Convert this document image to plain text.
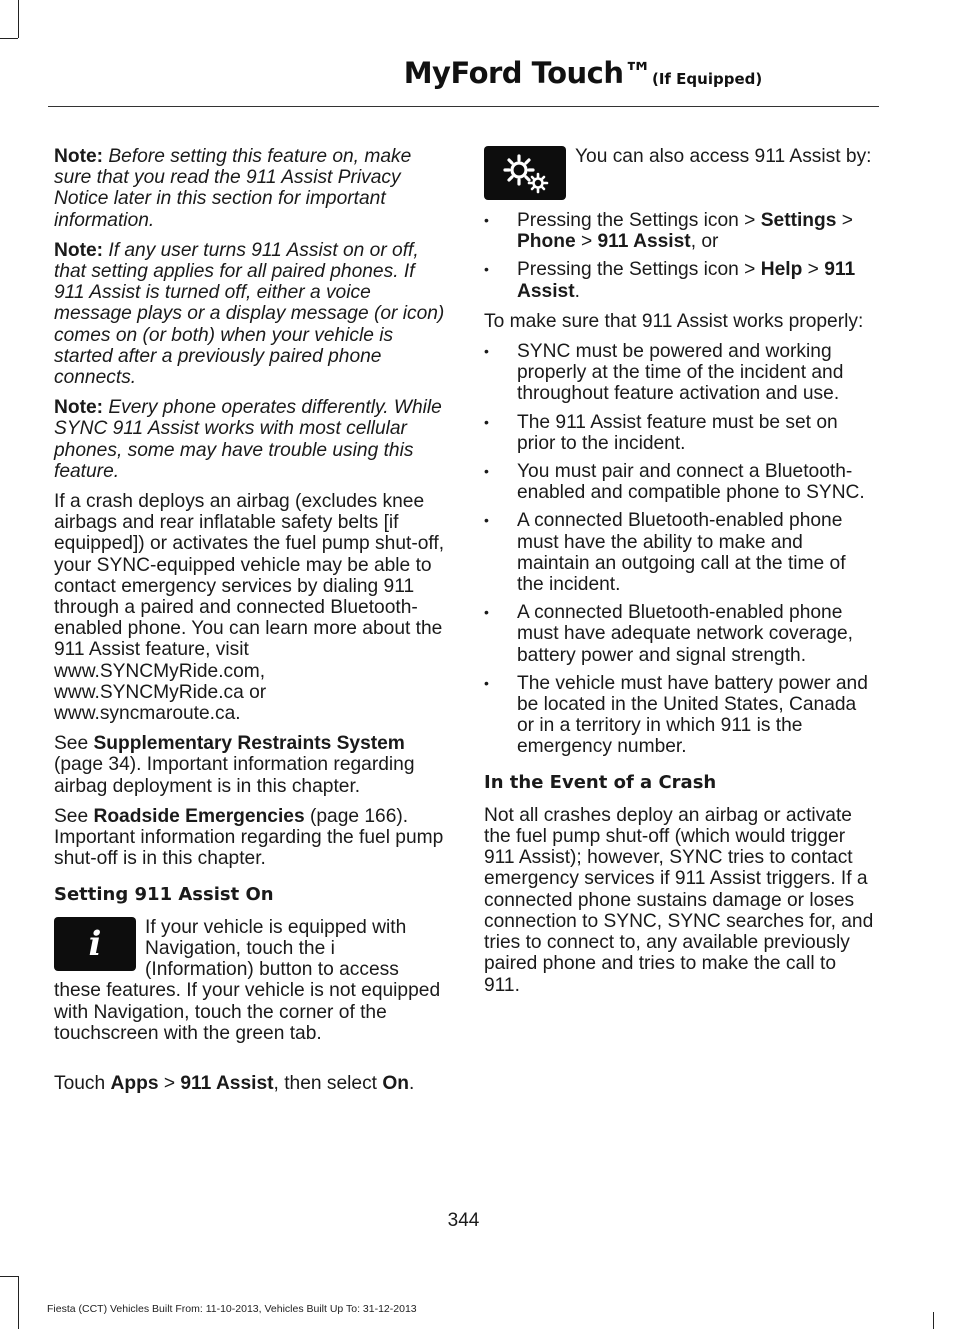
MyFord Touch™ (If Equipped)

Note: Before setting this feature on, make sure that you read the 911 Assist Privacy Notice later in this section for important information.

Note: If any user turns 911 Assist on or off, that setting applies for all paired phones. If 911 Assist is turned off, either a voice message plays or a display message (or icon) comes on (or both) when your vehicle is started after a previously paired phone connects.

Note: Every phone operates differently. While SYNC 911 Assist works with most cellular phones, some may have trouble using this feature.

If a crash deploys an airbag (excludes knee airbags and rear inflatable safety belts [if equipped]) or activates the fuel pump shut-off, your SYNC-equipped vehicle may be able to contact emergency services by dialing 911 through a paired and connected Bluetooth-enabled phone. You can learn more about the 911 Assist feature, visit www.SYNCMyRide.com, www.SYNCMyRide.ca or www.syncmaroute.ca.

See Supplementary Restraints System (page 34). Important information regarding airbag deployment is in this chapter.

See Roadside Emergencies (page 166). Important information regarding the fuel pump shut-off is in this chapter.

Setting 911 Assist On
i	If your vehicle is equipped with Navigation, touch the i (Information) button to access these features. If your vehicle is not equipped with Navigation, touch the corner of the touchscreen with the green tab.

Touch Apps > 911 Assist, then select On.

You can also access 911 Assist by:

• Pressing the Settings icon > Settings > Phone > 911 Assist, or
• Pressing the Settings icon > Help > 911 Assist.

To make sure that 911 Assist works properly:

• SYNC must be powered and working properly at the time of the incident and throughout feature activation and use.
• The 911 Assist feature must be set on prior to the incident.
• You must pair and connect a Bluetooth-enabled and compatible phone to SYNC.
• A connected Bluetooth-enabled phone must have the ability to make and maintain an outgoing call at the time of the incident.
• A connected Bluetooth-enabled phone must have adequate network coverage, battery power and signal strength.
• The vehicle must have battery power and be located in the United States, Canada or in a territory in which 911 is the emergency number.
In the Event of a Crash

Not all crashes deploy an airbag or activate the fuel pump shut-off (which would trigger 911 Assist); however, SYNC tries to contact emergency services if 911 Assist triggers. If a connected phone sustains damage or loses connection to SYNC, SYNC searches for, and tries to connect to, any available previously paired phone and tries to make the call to 911.

344
Fiesta (CCT) Vehicles Built From: 11-10-2013, Vehicles Built Up To: 31-12-2013
